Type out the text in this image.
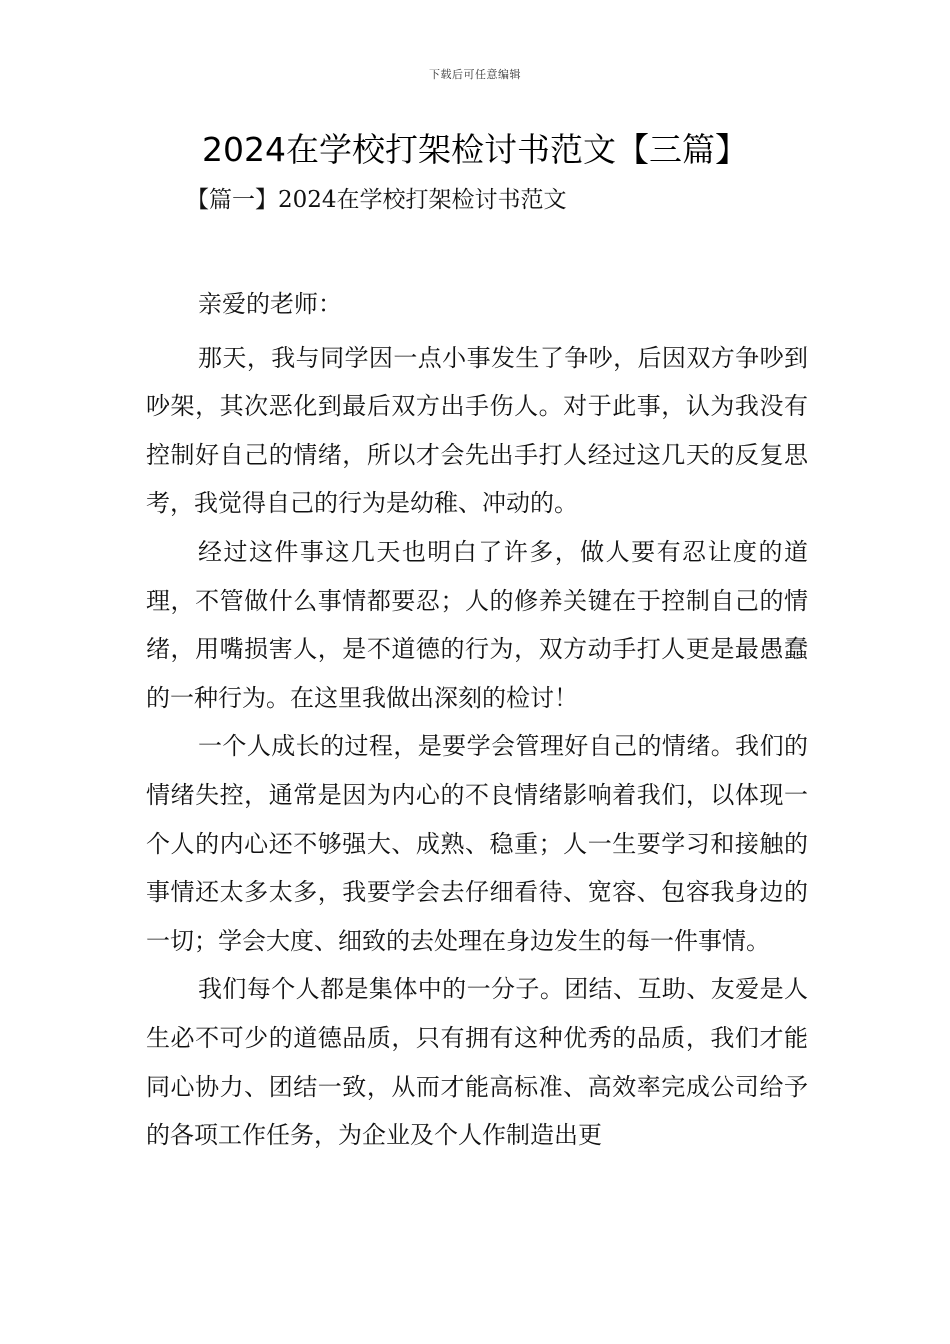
下载后可任意编辑
2024在学校打架检讨书范文【三篇】
【篇一】2024在学校打架检讨书范文
亲爱的老师：

那天，我与同学因一点小事发生了争吵，后因双方争吵到吵架，其次恶化到最后双方出手伤人。对于此事，认为我没有控制好自己的情绪，所以才会先出手打人经过这几天的反复思考，我觉得自己的行为是幼稚、冲动的。

经过这件事这几天也明白了许多，做人要有忍让度的道理，不管做什么事情都要忍；人的修养关键在于控制自己的情绪，用嘴损害人，是不道德的行为，双方动手打人更是最愚蠢的一种行为。在这里我做出深刻的检讨！

一个人成长的过程，是要学会管理好自己的情绪。我们的情绪失控，通常是因为内心的不良情绪影响着我们，以体现一个人的内心还不够强大、成熟、稳重；人一生要学习和接触的事情还太多太多，我要学会去仔细看待、宽容、包容我身边的一切；学会大度、细致的去处理在身边发生的每一件事情。

我们每个人都是集体中的一分子。团结、互助、友爱是人生必不可少的道德品质，只有拥有这种优秀的品质，我们才能同心协力、团结一致，从而才能高标准、高效率完成公司给予的各项工作任务，为企业及个人作制造出更
